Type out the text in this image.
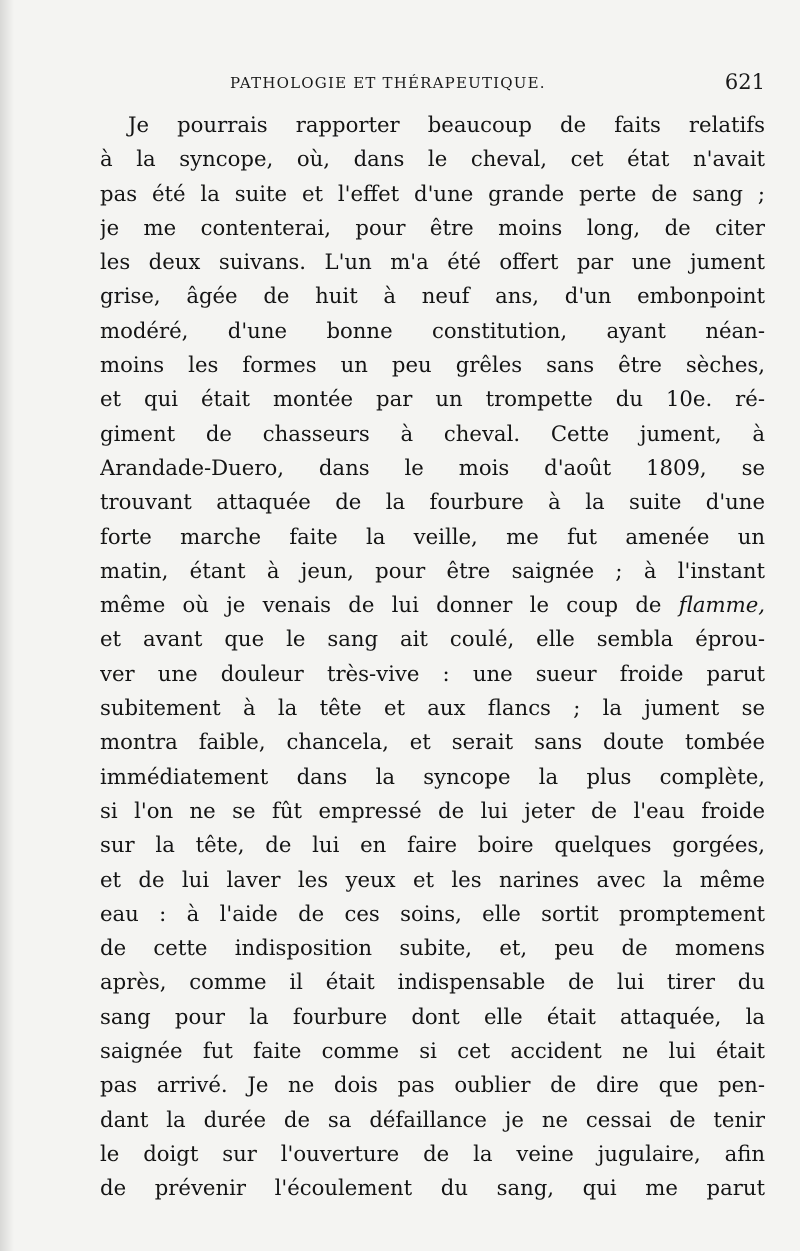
PATHOLOGIE ET THÉRAPEUTIQUE.	621
Je pourrais rapporter beaucoup de faits relatifs
à la syncope, où, dans le cheval, cet état n'avait
pas été la suite et l'effet d'une grande perte de sang ;
je me contenterai, pour être moins long, de citer
les deux suivans. L'un m'a été offert par une jument
grise, âgée de huit à neuf ans, d'un embonpoint
modéré, d'une bonne constitution, ayant néan-
moins les formes un peu grêles sans être sèches,
et qui était montée par un trompette du 10e. ré-
giment de chasseurs à cheval. Cette jument, à
Arandade-Duero, dans le mois d'août 1809, se
trouvant attaquée de la fourbure à la suite d'une
forte marche faite la veille, me fut amenée un
matin, étant à jeun, pour être saignée ; à l'instant
même où je venais de lui donner le coup de flamme,
et avant que le sang ait coulé, elle sembla éprou-
ver une douleur très-vive : une sueur froide parut
subitement à la tête et aux flancs ; la jument se
montra faible, chancela, et serait sans doute tombée
immédiatement dans la syncope la plus complète,
si l'on ne se fût empressé de lui jeter de l'eau froide
sur la tête, de lui en faire boire quelques gorgées,
et de lui laver les yeux et les narines avec la même
eau : à l'aide de ces soins, elle sortit promptement
de cette indisposition subite, et, peu de momens
après, comme il était indispensable de lui tirer du
sang pour la fourbure dont elle était attaquée, la
saignée fut faite comme si cet accident ne lui était
pas arrivé. Je ne dois pas oublier de dire que pen-
dant la durée de sa défaillance je ne cessai de tenir
le doigt sur l'ouverture de la veine jugulaire, afin
de prévenir l'écoulement du sang, qui me parut
